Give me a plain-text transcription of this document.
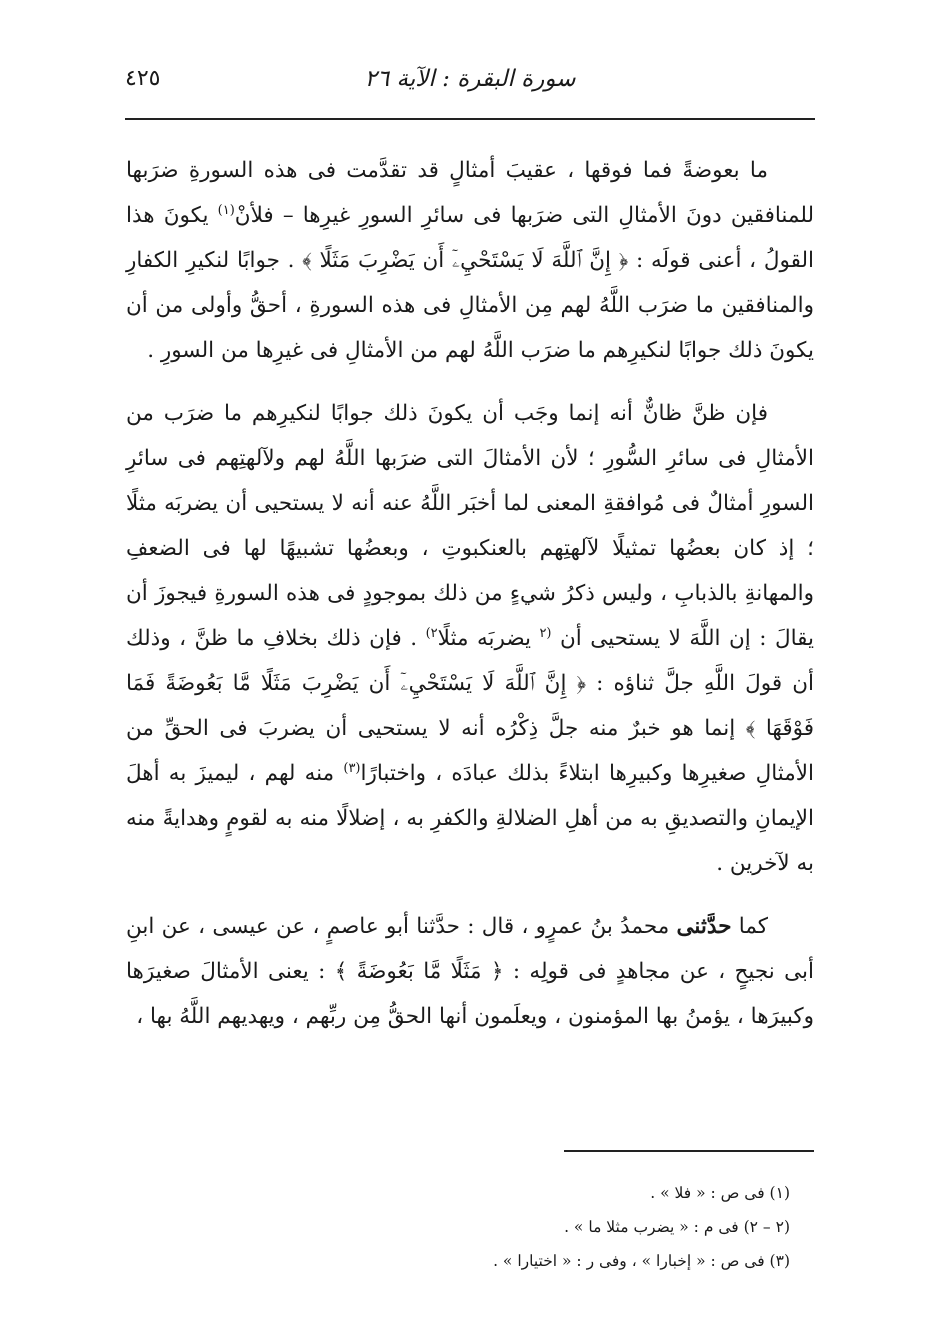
سورة البقرة : الآية ٢٦
٤٢٥

ما بعوضةً فما فوقها ، عقيبَ أمثالٍ قد تقدَّمت فى هذه السورةِ ضرَبها للمنافقين دونَ الأمثالِ التى ضرَبها فى سائرِ السورِ غيرِها – فلأنْ$^{(١)}$ يكونَ هذا القولُ ، أعنى قولَه : ﴿ إِنَّ ٱللَّهَ لَا يَسْتَحْيِۦٓ أَن يَضْرِبَ مَثَلًا ﴾ . جوابًا لنكيرِ الكفارِ والمنافقين ما ضرَب اللَّهُ لهم مِن الأمثالِ فى هذه السورةِ ، أحقُّ وأولى من أن يكونَ ذلك جوابًا لنكيرِهم ما ضرَب اللَّهُ لهم من الأمثالِ فى غيرِها من السورِ .

فإن ظنَّ ظانٌّ أنه إنما وجَب أن يكونَ ذلك جوابًا لنكيرِهم ما ضرَب من الأمثالِ فى سائرِ السُّورِ ؛ لأن الأمثالَ التى ضرَبها اللَّهُ لهم ولآلهتِهم فى سائرِ السورِ أمثالٌ فى مُوافقةِ المعنى لما أخبَر اللَّهُ عنه أنه لا يستحيى أن يضربَه مثلًا ؛ إذ كان بعضُها تمثيلًا لآلهتِهم بالعنكبوتِ ، وبعضُها تشبيهًا لها فى الضعفِ والمهانةِ بالذبابِ ، وليس ذكرُ شيءٍ من ذلك بموجودٍ فى هذه السورةِ فيجوزَ أن يقالَ : إن اللَّهَ لا يستحيى أن $^{(٢}$ يضربَه مثلًا$^{٢)}$ . فإن ذلك بخلافِ ما ظنَّ ، وذلك أن قولَ اللَّهِ جلَّ ثناؤه : ﴿ إِنَّ ٱللَّهَ لَا يَسْتَحْيِۦٓ أَن يَضْرِبَ مَثَلًا مَّا بَعُوضَةً فَمَا فَوْقَهَا ﴾ إنما هو خبرٌ منه جلَّ ذِكْرُه أنه لا يستحيى أن يضربَ فى الحقِّ من الأمثالِ صغيرِها وكبيرِها ابتلاءً بذلك عبادَه ، واختبارًا$^{(٣)}$ منه لهم ، ليميزَ به أهلَ الإيمانِ والتصديقِ به من أهلِ الضلالةِ والكفرِ به ، إضلالًا منه به لقومٍ وهدايةً منه به لآخرين .

كما حدَّثنى محمدُ بنُ عمرٍو ، قال : حدَّثنا أبو عاصمٍ ، عن عيسى ، عن ابنِ أبى نجيحٍ ، عن مجاهدٍ فى قولِه : ﴿ مَثَلًا مَّا بَعُوضَةً ﴾ : يعنى الأمثالَ صغيرَها وكبيرَها ، يؤمنُ بها المؤمنون ، ويعلَمون أنها الحقُّ مِن ربِّهم ، ويهديهم اللَّهُ بها ،

(١) فى ص : « فلا » .
(٢ – ٢) فى م : « يضرب مثلا ما » .
(٣) فى ص : « إخبارا » ، وفى ر : « اختيارا » .
